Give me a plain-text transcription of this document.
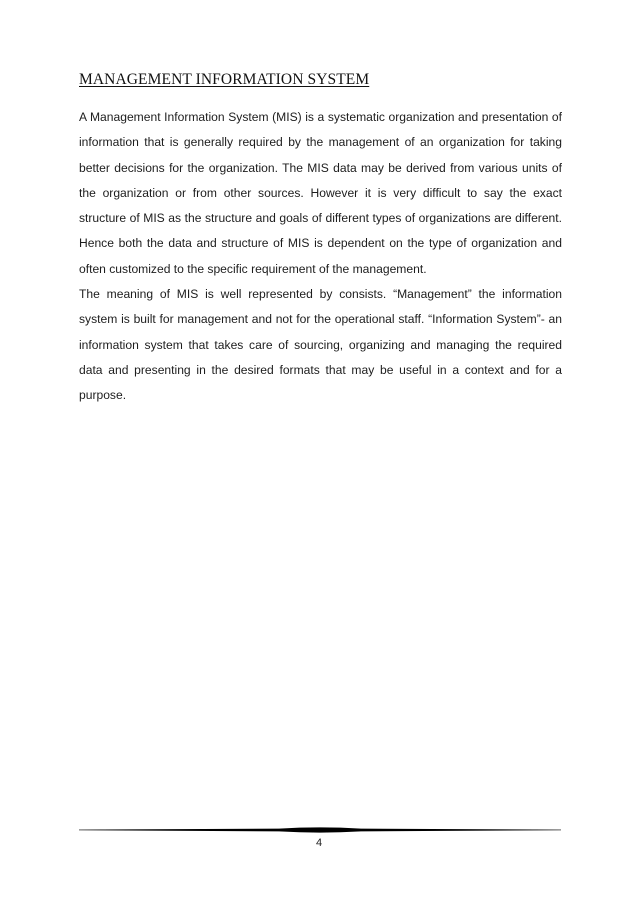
MANAGEMENT INFORMATION SYSTEM
A Management Information System (MIS) is a systematic organization and presentation of information that is generally required by the management of an organization for taking better decisions for the organization. The MIS data may be derived from various units of the organization or from other sources. However it is very difficult to say the exact structure of MIS as the structure and goals of different types of organizations are different. Hence both the data and structure of MIS is dependent on the type of organization and often customized to the specific requirement of the management.
The meaning of MIS is well represented by consists. “Management” the information system is built for management and not for the operational staff. “Information System”- an information system that takes care of sourcing, organizing and managing the required data and presenting in the desired formats that may be useful in a context and for a purpose.
4
